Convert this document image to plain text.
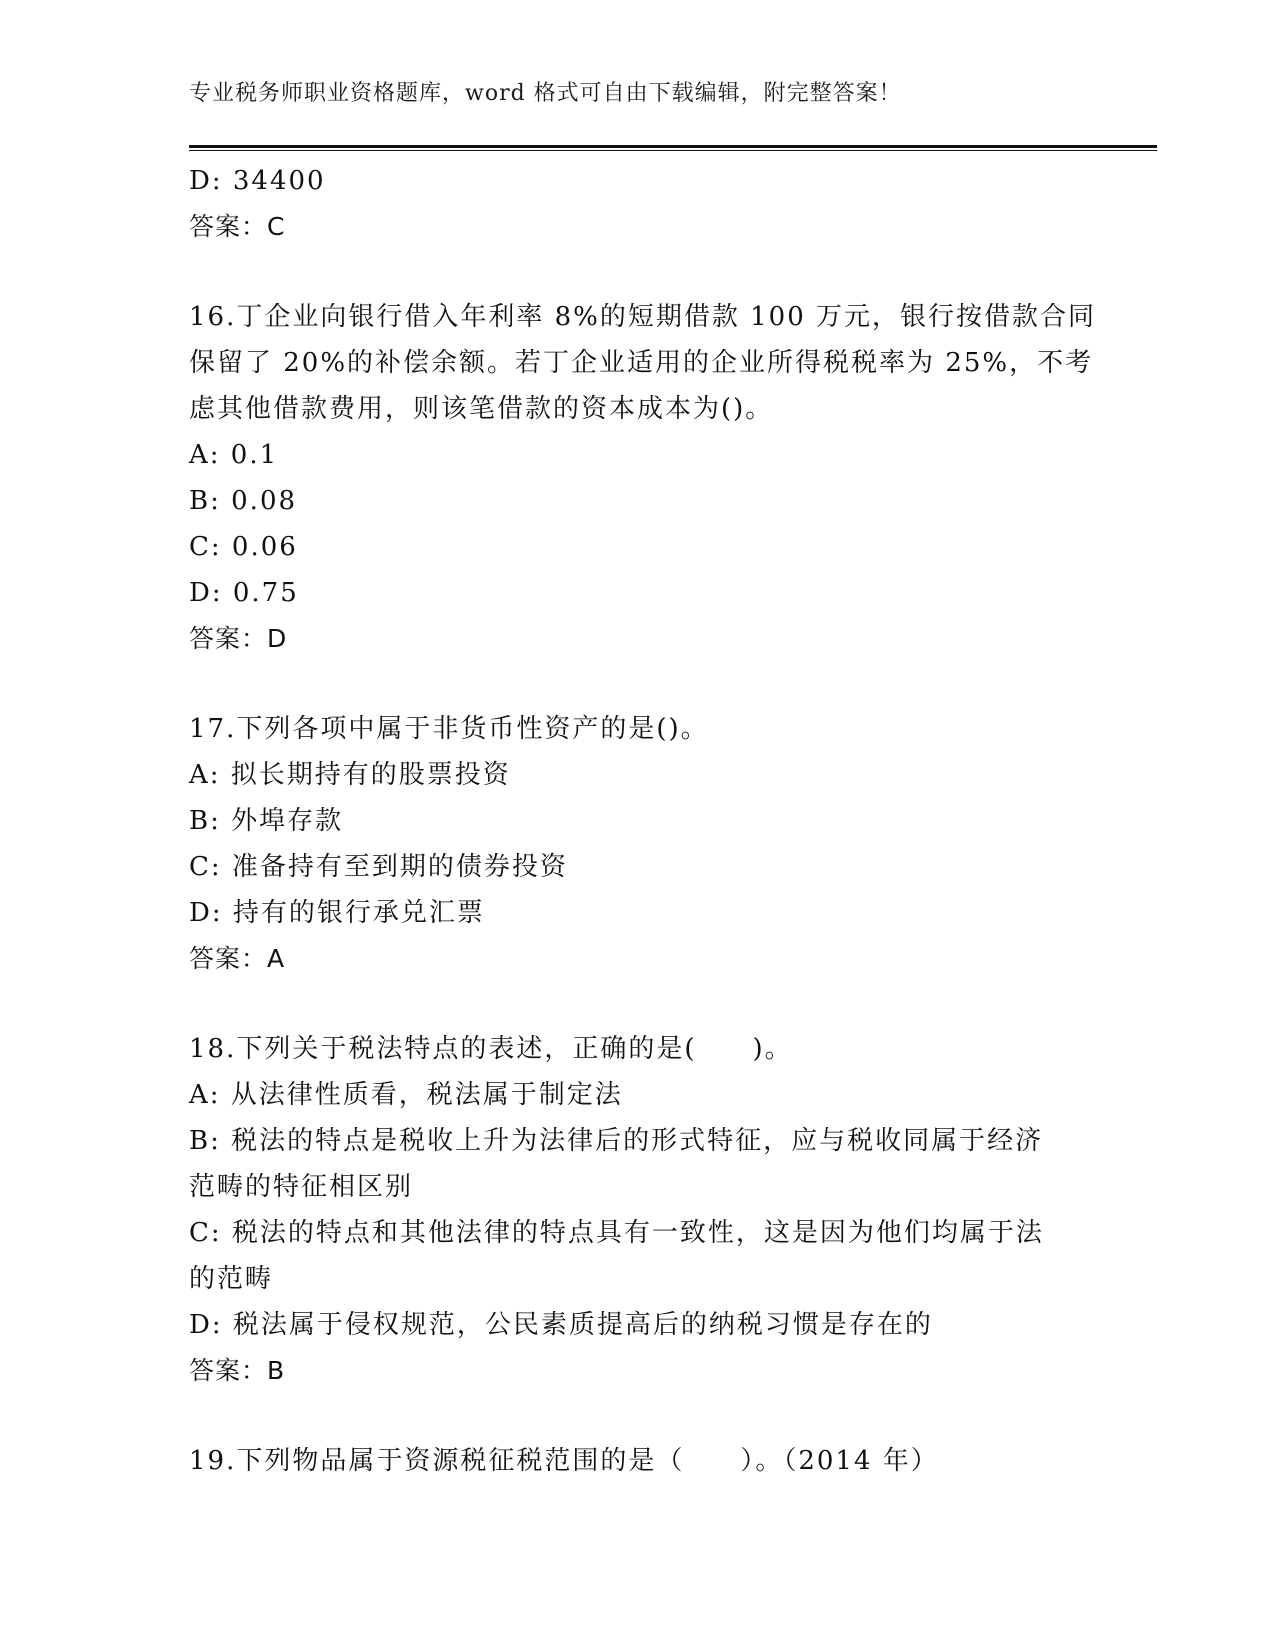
专业税务师职业资格题库，word 格式可自由下载编辑，附完整答案！
D: 34400
答案：C
16.丁企业向银行借入年利率 8%的短期借款 100 万元，银行按借款合同
保留了 20%的补偿余额。若丁企业适用的企业所得税税率为 25%，不考
虑其他借款费用，则该笔借款的资本成本为()。
A: 0.1
B: 0.08
C: 0.06
D: 0.75
答案：D
17.下列各项中属于非货币性资产的是()。
A: 拟长期持有的股票投资
B: 外埠存款
C: 准备持有至到期的债券投资
D: 持有的银行承兑汇票
答案：A
18.下列关于税法特点的表述，正确的是(　　)。
A: 从法律性质看，税法属于制定法
B: 税法的特点是税收上升为法律后的形式特征，应与税收同属于经济
范畴的特征相区别
C: 税法的特点和其他法律的特点具有一致性，这是因为他们均属于法
的范畴
D: 税法属于侵权规范，公民素质提高后的纳税习惯是存在的
答案：B
19.下列物品属于资源税征税范围的是（　　）。（2014 年）
